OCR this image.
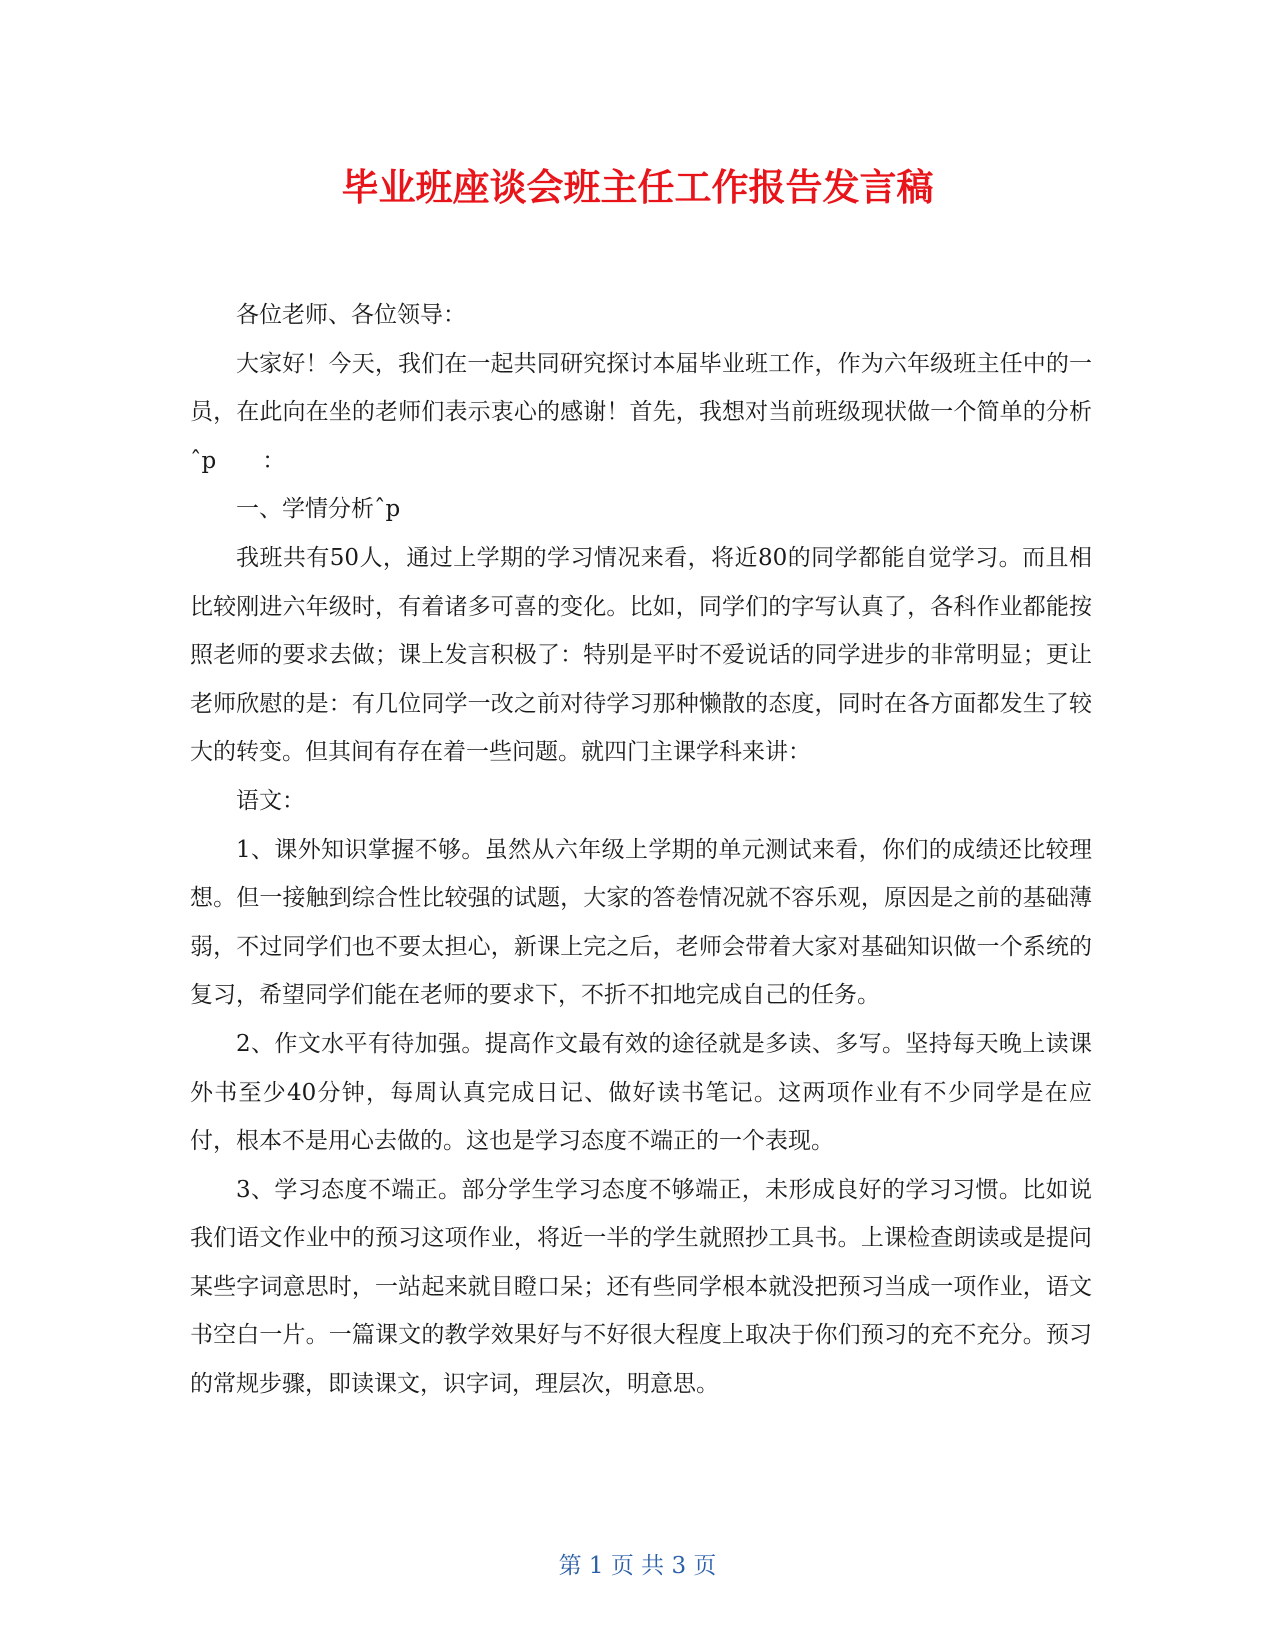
毕业班座谈会班主任工作报告发言稿

各位老师、各位领导：

大家好！今天，我们在一起共同研究探讨本届毕业班工作，作为六年级班主任中的一员，在此向在坐的老师们表示衷心的感谢！首先，我想对当前班级现状做一个简单的分析ˆp　　：

一、学情分析ˆp

我班共有50人，通过上学期的学习情况来看，将近80的同学都能自觉学习。而且相比较刚进六年级时，有着诸多可喜的变化。比如，同学们的字写认真了，各科作业都能按照老师的要求去做；课上发言积极了：特别是平时不爱说话的同学进步的非常明显；更让老师欣慰的是：有几位同学一改之前对待学习那种懒散的态度，同时在各方面都发生了较大的转变。但其间有存在着一些问题。就四门主课学科来讲：

语文：

1、课外知识掌握不够。虽然从六年级上学期的单元测试来看，你们的成绩还比较理想。但一接触到综合性比较强的试题，大家的答卷情况就不容乐观，原因是之前的基础薄弱，不过同学们也不要太担心，新课上完之后，老师会带着大家对基础知识做一个系统的复习，希望同学们能在老师的要求下，不折不扣地完成自己的任务。

2、作文水平有待加强。提高作文最有效的途径就是多读、多写。坚持每天晚上读课外书至少40分钟，每周认真完成日记、做好读书笔记。这两项作业有不少同学是在应付，根本不是用心去做的。这也是学习态度不端正的一个表现。

3、学习态度不端正。部分学生学习态度不够端正，未形成良好的学习习惯。比如说我们语文作业中的预习这项作业，将近一半的学生就照抄工具书。上课检查朗读或是提问某些字词意思时，一站起来就目瞪口呆；还有些同学根本就没把预习当成一项作业，语文书空白一片。一篇课文的教学效果好与不好很大程度上取决于你们预习的充不充分。预习的常规步骤，即读课文，识字词，理层次，明意思。

第 1 页 共 3 页
